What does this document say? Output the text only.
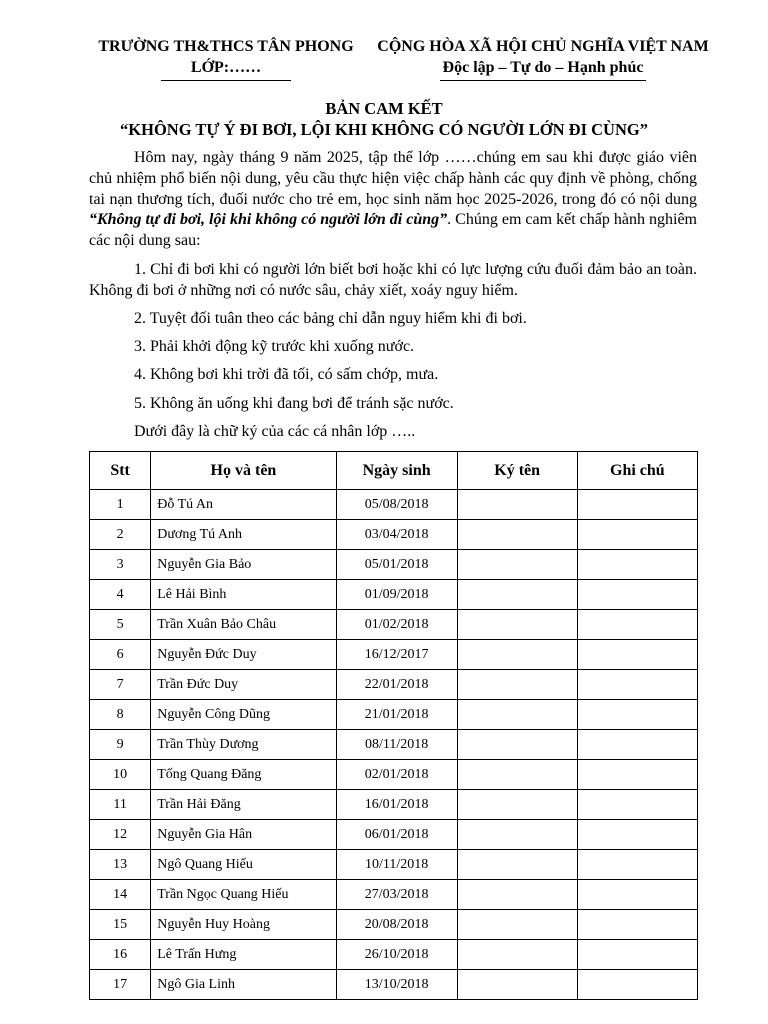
TRƯỜNG TH&THCS TÂN PHONG
LỚP:……
CỘNG HÒA XÃ HỘI CHỦ NGHĨA VIỆT NAM
Độc lập – Tự do – Hạnh phúc
BẢN CAM KẾT
“KHÔNG TỰ Ý ĐI BƠI, LỘI KHI KHÔNG CÓ NGƯỜI LỚN ĐI CÙNG”

Hôm nay, ngày tháng 9 năm 2025, tập thể lớp ……chúng em sau khi được giáo viên chủ nhiệm phổ biến nội dung, yêu cầu thực hiện việc chấp hành các quy định về phòng, chống tai nạn thương tích, đuối nước cho trẻ em, học sinh năm học 2025-2026, trong đó có nội dung “Không tự đi bơi, lội khi không có người lớn đi cùng”. Chúng em cam kết chấp hành nghiêm các nội dung sau:

1. Chỉ đi bơi khi có người lớn biết bơi hoặc khi có lực lượng cứu đuối đảm bảo an toàn. Không đi bơi ở những nơi có nước sâu, chảy xiết, xoáy nguy hiểm.

2. Tuyệt đối tuân theo các bảng chỉ dẫn nguy hiểm khi đi bơi.

3. Phải khởi động kỹ trước khi xuống nước.

4. Không bơi khi trời đã tối, có sấm chớp, mưa.

5. Không ăn uống khi đang bơi để tránh sặc nước.

Dưới đây là chữ ký của các cá nhân lớp …..

Stt	Họ và tên	Ngày sinh	Ký tên	Ghi chú
1	Đỗ Tú An	05/08/2018		
2	Dương Tú Anh	03/04/2018		
3	Nguyễn Gia Bảo	05/01/2018		
4	Lê Hải Bình	01/09/2018		
5	Trần Xuân Bảo Châu	01/02/2018		
6	Nguyễn Đức Duy	16/12/2017		
7	Trần Đức Duy	22/01/2018		
8	Nguyễn Công Dũng	21/01/2018		
9	Trần Thùy Dương	08/11/2018		
10	Tống Quang Đăng	02/01/2018		
11	Trần Hải Đăng	16/01/2018		
12	Nguyễn Gia Hân	06/01/2018		
13	Ngô Quang Hiếu	10/11/2018		
14	Trần Ngọc Quang Hiếu	27/03/2018		
15	Nguyễn Huy Hoàng	20/08/2018		
16	Lê Trấn Hưng	26/10/2018		
17	Ngô Gia Linh	13/10/2018		
